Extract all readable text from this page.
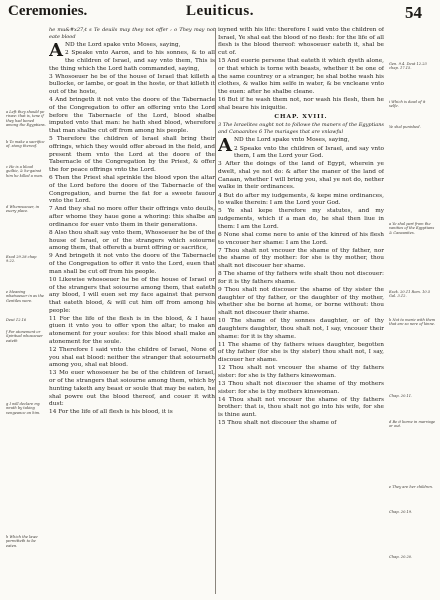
Ceremonies.	Leuiticus.	54
a Left they should pe riswe: that is, tene if they had bened among the Egyptians.
b To make a sacrifice of. stong thereof.
c He is a blood guiltie, & he-gainst him he killed a man.
d Wheresoeuer, in euery place.
Exod 29.28 chap 9.22.
e Meaning whatsoeuer in as the Gentiles were.
Deut 12.16
f For atonement or Spiritual whosoeuer eateth
g I will declare my wrath by taking vengeance on him.
h Which the lawe permitteth to be eaten.
Gen. 9.4. Deut 12.23 chap. 17.15.
i Which is dead of it selfe.
Ye shal punished.
a Ye shal part from the vanities of the Egyptians & Canaanites.
Ezek. 20.11 Rom. 10.5 Gal. 3.12.
b Not to marie with them that are so nere of kinne.
Chap. 20.11.
d Be it borne in marriage or out.
e They are her children.
Chap. 20.19.
Chap. 20.20.

he mu&#x27;t s Te deuils may they not offer : o They may not eate blood

AND the Lord spake vnto Moses, saying,

2 Speake vnto Aaron, and to his sonnes, & to all the children of Israel, and say vnto them, This is the thing which the Lord hath commanded, saying,

3 Whosoeuer he be of the house of Israel that killeth a bullocke, or lambe, or goat in the hoste, or that killeth it out of the hoste,

4 And bringeth it not vnto the doore of the Tabernacle of the Congregation to offer an offering vnto the Lord before the Tabernacle of the Lord, blood shalbe imputed vnto that man: he hath shed blood, wherefore that man shalbe cut off from among his people.

5 Therefore the children of Israel shall bring their offrings, which they would offer abroad in the field, and present them vnto the Lord at the doore of the Tabernacle of the Congregation by the Priest, & offer the for peace offrings vnto the Lord.

6 Then the Priest shal sprinkle the blood vpon the altar of the Lord before the doore of the Tabernacle of the Congregation, and burne the fat for a sweete fauour vnto the Lord.

7 And they shal no more offer their offrings vnto deuils, after whome they haue gone a whoring: this shalbe an ordinance for euer vnto them in their generations.

8 Also thou shalt say vnto them, Whosoeuer he be of the house of Israel, or of the strangers which soiourne among them, that offereth a burnt offring or sacrifice,

9 And bringeth it not vnto the doore of the Tabernacle of the Congregation to offer it vnto the Lord, euen that man shall be cut off from his people.

10 Likewise whosoeuer he be of the house of Israel or of the strangers that soiourne among them, that eateth any blood, I will euen set my face against that person that eateth blood, & will cut him off from among his people:

11 For the life of the flesh is in the blood, & I haue giuen it vnto you to offer vpon the altar, to make an atonement for your soules: for this blood shall make an atonement for the soule.

12 Therefore I said vnto the childre of Israel, None of you shal eat blood: neither the stranger that soiourneth among you, shal eat blood.

13 Mo euer whosoeuer he be of the children of Israel, or of the strangers that soiourne among them, which by hunting taketh any beast or soule that may be eaten, he shal powre out the blood thereof, and couer it with dust:

14 For the life of all flesh is his blood, it is

ioyned with his life: therefore I said vnto the children of Israel, Ye shal eat the blood of no flesh: for the life of all flesh is the blood thereof: whosoeuer eateth it, shal be cut of.

15 And euerie persone that eateth it which dyeth alone, or that which is torne with beasts, whether it be one of the same countrey or a stranger, he shal bothe wash his clothes, & walke him selfe in water, & be vncleane vnto the euen: after he shalbe cleane.

16 But if he wash them not, nor wash his flesh, then he shal beare his iniquitie.

CHAP. XVIII.

3 The Israelites ought not to followe the maners of the Egyptians and Canaanites 6 The mariages that are vnlawful

AND the Lord spake vnto Moses, saying,

2 Speake vnto the children of Israel, and say vnto them, I am the Lord your God.

3 After the doings of the land of Egypt, wherein ye dwelt, shal ye not do: & after the maner of the land of Canaan, whether I will bring you, shal ye not do, nether walke in their ordinances.

4 But do after my iudgements, & kepe mine ordinances, to walke therein: I am the Lord your God.

5 Ye shal kepe therefore my statutes, and my iudgements, which if a man do, he shal then liue in them: I am the Lord.

6 None shal come nere to anie of the kinred of his flesh to vncouer her shame: I am the Lord.

7 Thou shalt not vncouer the shame of thy father, nor the shame of thy mother: for she is thy mother, thou shalt not discouer her shame.

8 The shame of thy fathers wife shalt thou not discouer: for it is thy fathers shame.

9 Thou shalt not discouer the shame of thy sister the daughter of thy father, or the daughter of thy mother, whether she be borne at home, or borne without: thou shalt not discouer their shame.

10 The shame of thy sonnes daughter, or of thy daughters daughter, thou shalt not, I say, vncouer their shame: for it is thy shame.

11 The shame of thy fathers wiues daughter, begotten of thy father (for she is thy sister) thou shalt not, I say, discouer her shame.

12 Thou shalt not vncouer the shame of thy fathers sister: for she is thy fathers kinswoman.

13 Thou shalt not discouer the shame of thy mothers sister: for she is thy mothers kinswoman.

14 Thou shalt not vncouer the shame of thy fathers brother: that is, thou shalt not go into his wife, for she is thine aunt.

15 Thou shalt not discouer the shame of
